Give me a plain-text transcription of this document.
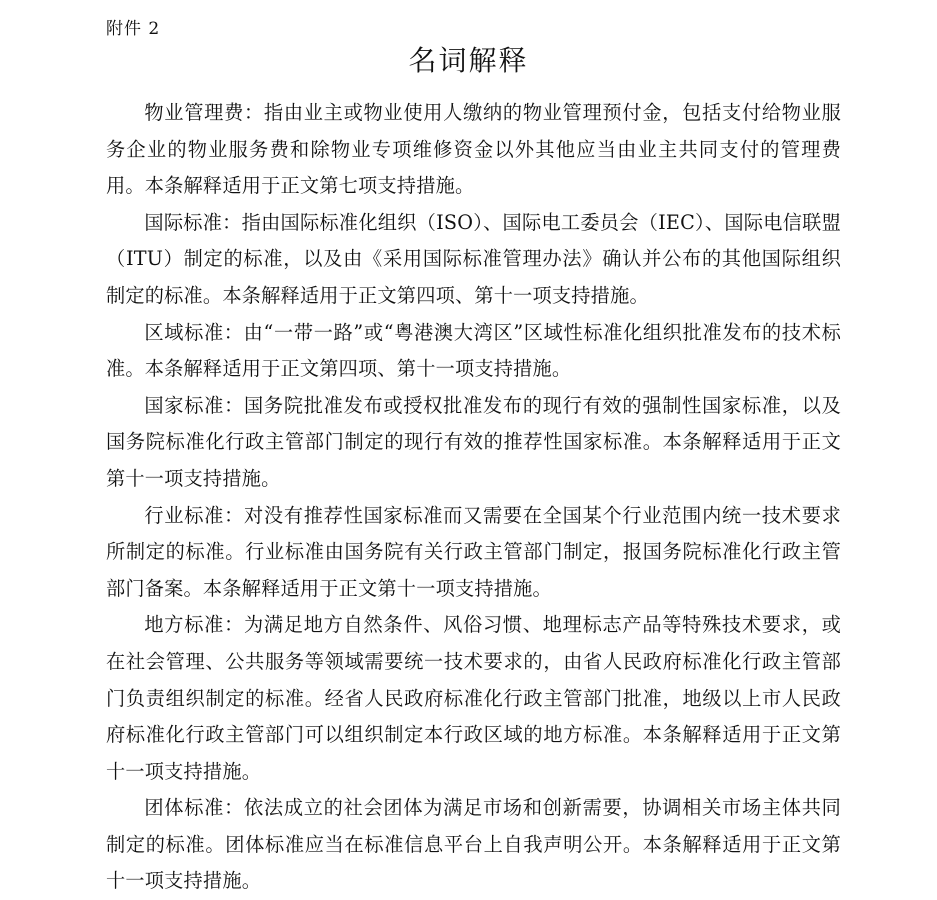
附件 2
名词解释

物业管理费：指由业主或物业使用人缴纳的物业管理预付金，包括支付给物业服务企业的物业服务费和除物业专项维修资金以外其他应当由业主共同支付的管理费用。本条解释适用于正文第七项支持措施。

国际标准：指由国际标准化组织（ISO）、国际电工委员会（IEC）、国际电信联盟（ITU）制定的标准，以及由《采用国际标准管理办法》确认并公布的其他国际组织制定的标准。本条解释适用于正文第四项、第十一项支持措施。

区域标准：由“一带一路”或“粤港澳大湾区”区域性标准化组织批准发布的技术标准。本条解释适用于正文第四项、第十一项支持措施。

国家标准：国务院批准发布或授权批准发布的现行有效的强制性国家标准，以及国务院标准化行政主管部门制定的现行有效的推荐性国家标准。本条解释适用于正文第十一项支持措施。

行业标准：对没有推荐性国家标准而又需要在全国某个行业范围内统一技术要求所制定的标准。行业标准由国务院有关行政主管部门制定，报国务院标准化行政主管部门备案。本条解释适用于正文第十一项支持措施。

地方标准：为满足地方自然条件、风俗习惯、地理标志产品等特殊技术要求，或在社会管理、公共服务等领域需要统一技术要求的，由省人民政府标准化行政主管部门负责组织制定的标准。经省人民政府标准化行政主管部门批准，地级以上市人民政府标准化行政主管部门可以组织制定本行政区域的地方标准。本条解释适用于正文第十一项支持措施。

团体标准：依法成立的社会团体为满足市场和创新需要，协调相关市场主体共同制定的标准。团体标准应当在标准信息平台上自我声明公开。本条解释适用于正文第十一项支持措施。
